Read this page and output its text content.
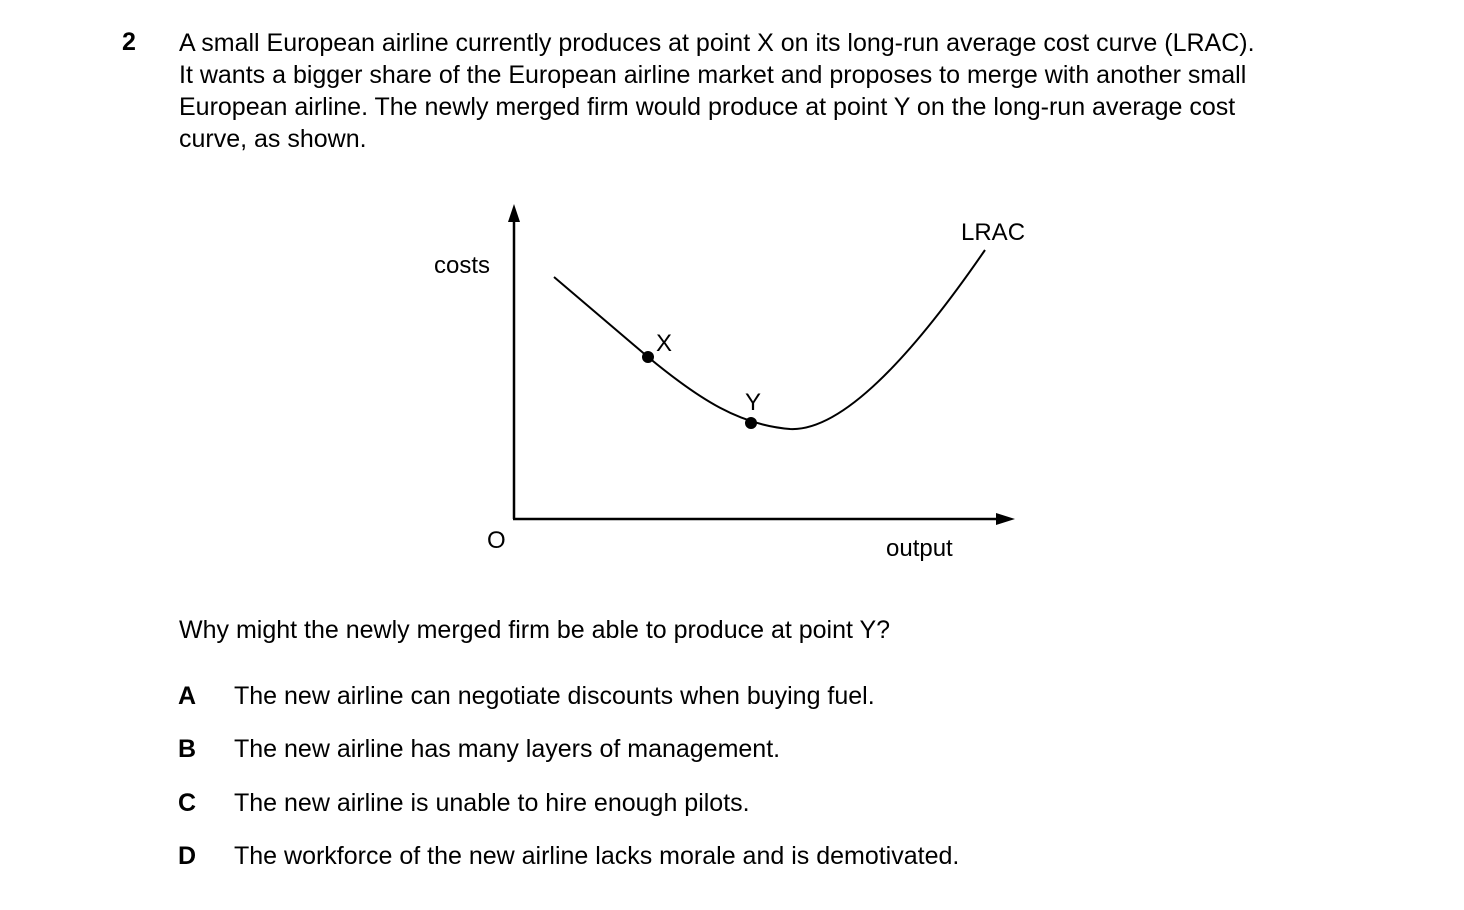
2 A small European airline currently produces at point X on its long-run average cost curve (LRAC).
It wants a bigger share of the European airline market and proposes to merge with another small
European airline. The newly merged firm would produce at point Y on the long-run average cost
curve, as shown.
costs
output
O
LRAC
X
Y
Why might the newly merged firm be able to produce at point Y?
A The new airline can negotiate discounts when buying fuel.
B The new airline has many layers of management.
C The new airline is unable to hire enough pilots.
D The workforce of the new airline lacks morale and is demotivated.
